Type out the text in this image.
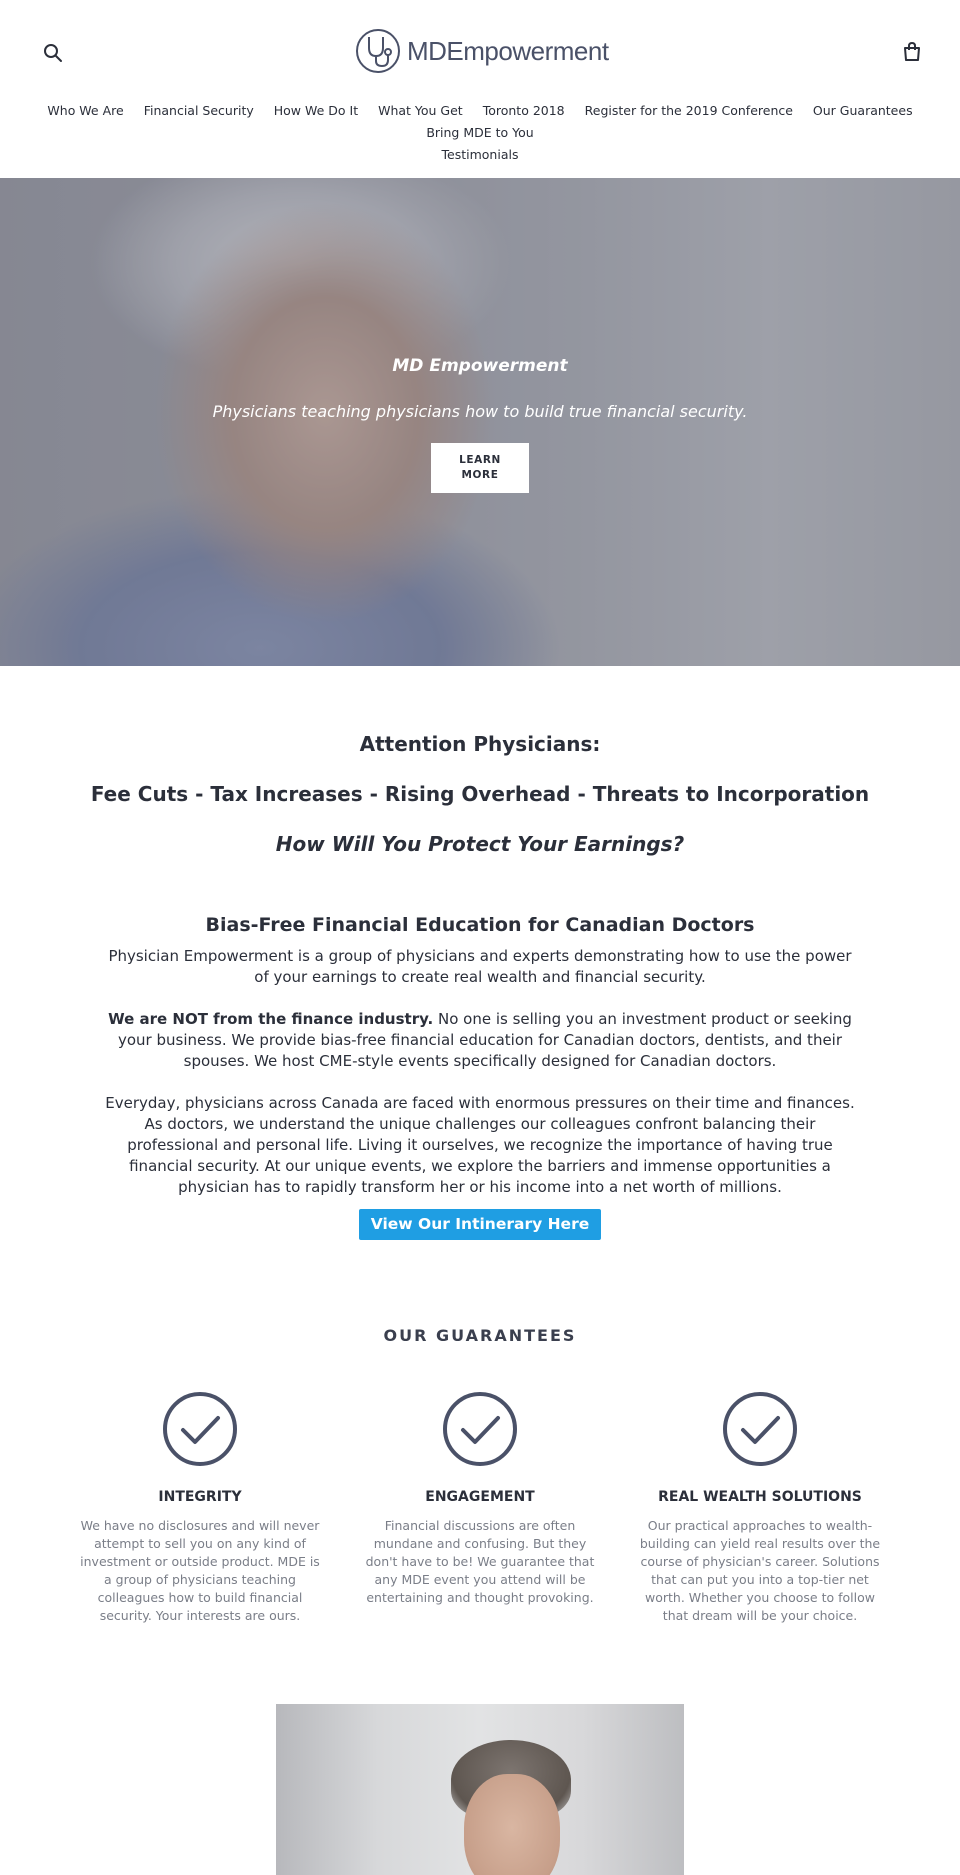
MDEmpowerment
Who We Are Financial Security How We Do It What You Get Toronto 2018 Register for the 2019 Conference Our Guarantees Bring MDE to You
Testimonials

MD Empowerment

Physicians teaching physicians how to build true financial security.

LEARN
MORE
Attention Physicians:
Fee Cuts - Tax Increases - Rising Overhead - Threats to Incorporation
How Will You Protect Your Earnings?
Bias-Free Financial Education for Canadian Doctors

Physician Empowerment is a group of physicians and experts demonstrating how to use the power of your earnings to create real wealth and financial security.

We are NOT from the finance industry. No one is selling you an investment product or seeking your business. We provide bias-free financial education for Canadian doctors, dentists, and their spouses. We host CME-style events specifically designed for Canadian doctors.

Everyday, physicians across Canada are faced with enormous pressures on their time and finances. As doctors, we understand the unique challenges our colleagues confront balancing their professional and personal life. Living it ourselves, we recognize the importance of having true financial security. At our unique events, we explore the barriers and immense opportunities a physician has to rapidly transform her or his income into a net worth of millions.

View Our Intinerary Here
OUR GUARANTEES
INTEGRITY
We have no disclosures and will never attempt to sell you on any kind of investment or outside product. MDE is a group of physicians teaching colleagues how to build financial security. Your interests are ours.
ENGAGEMENT
Financial discussions are often mundane and confusing. But they don't have to be! We guarantee that any MDE event you attend will be entertaining and thought provoking.
REAL WEALTH SOLUTIONS
Our practical approaches to wealth-building can yield real results over the course of physician's career. Solutions that can put you into a top-tier net worth. Whether you choose to follow that dream will be your choice.
